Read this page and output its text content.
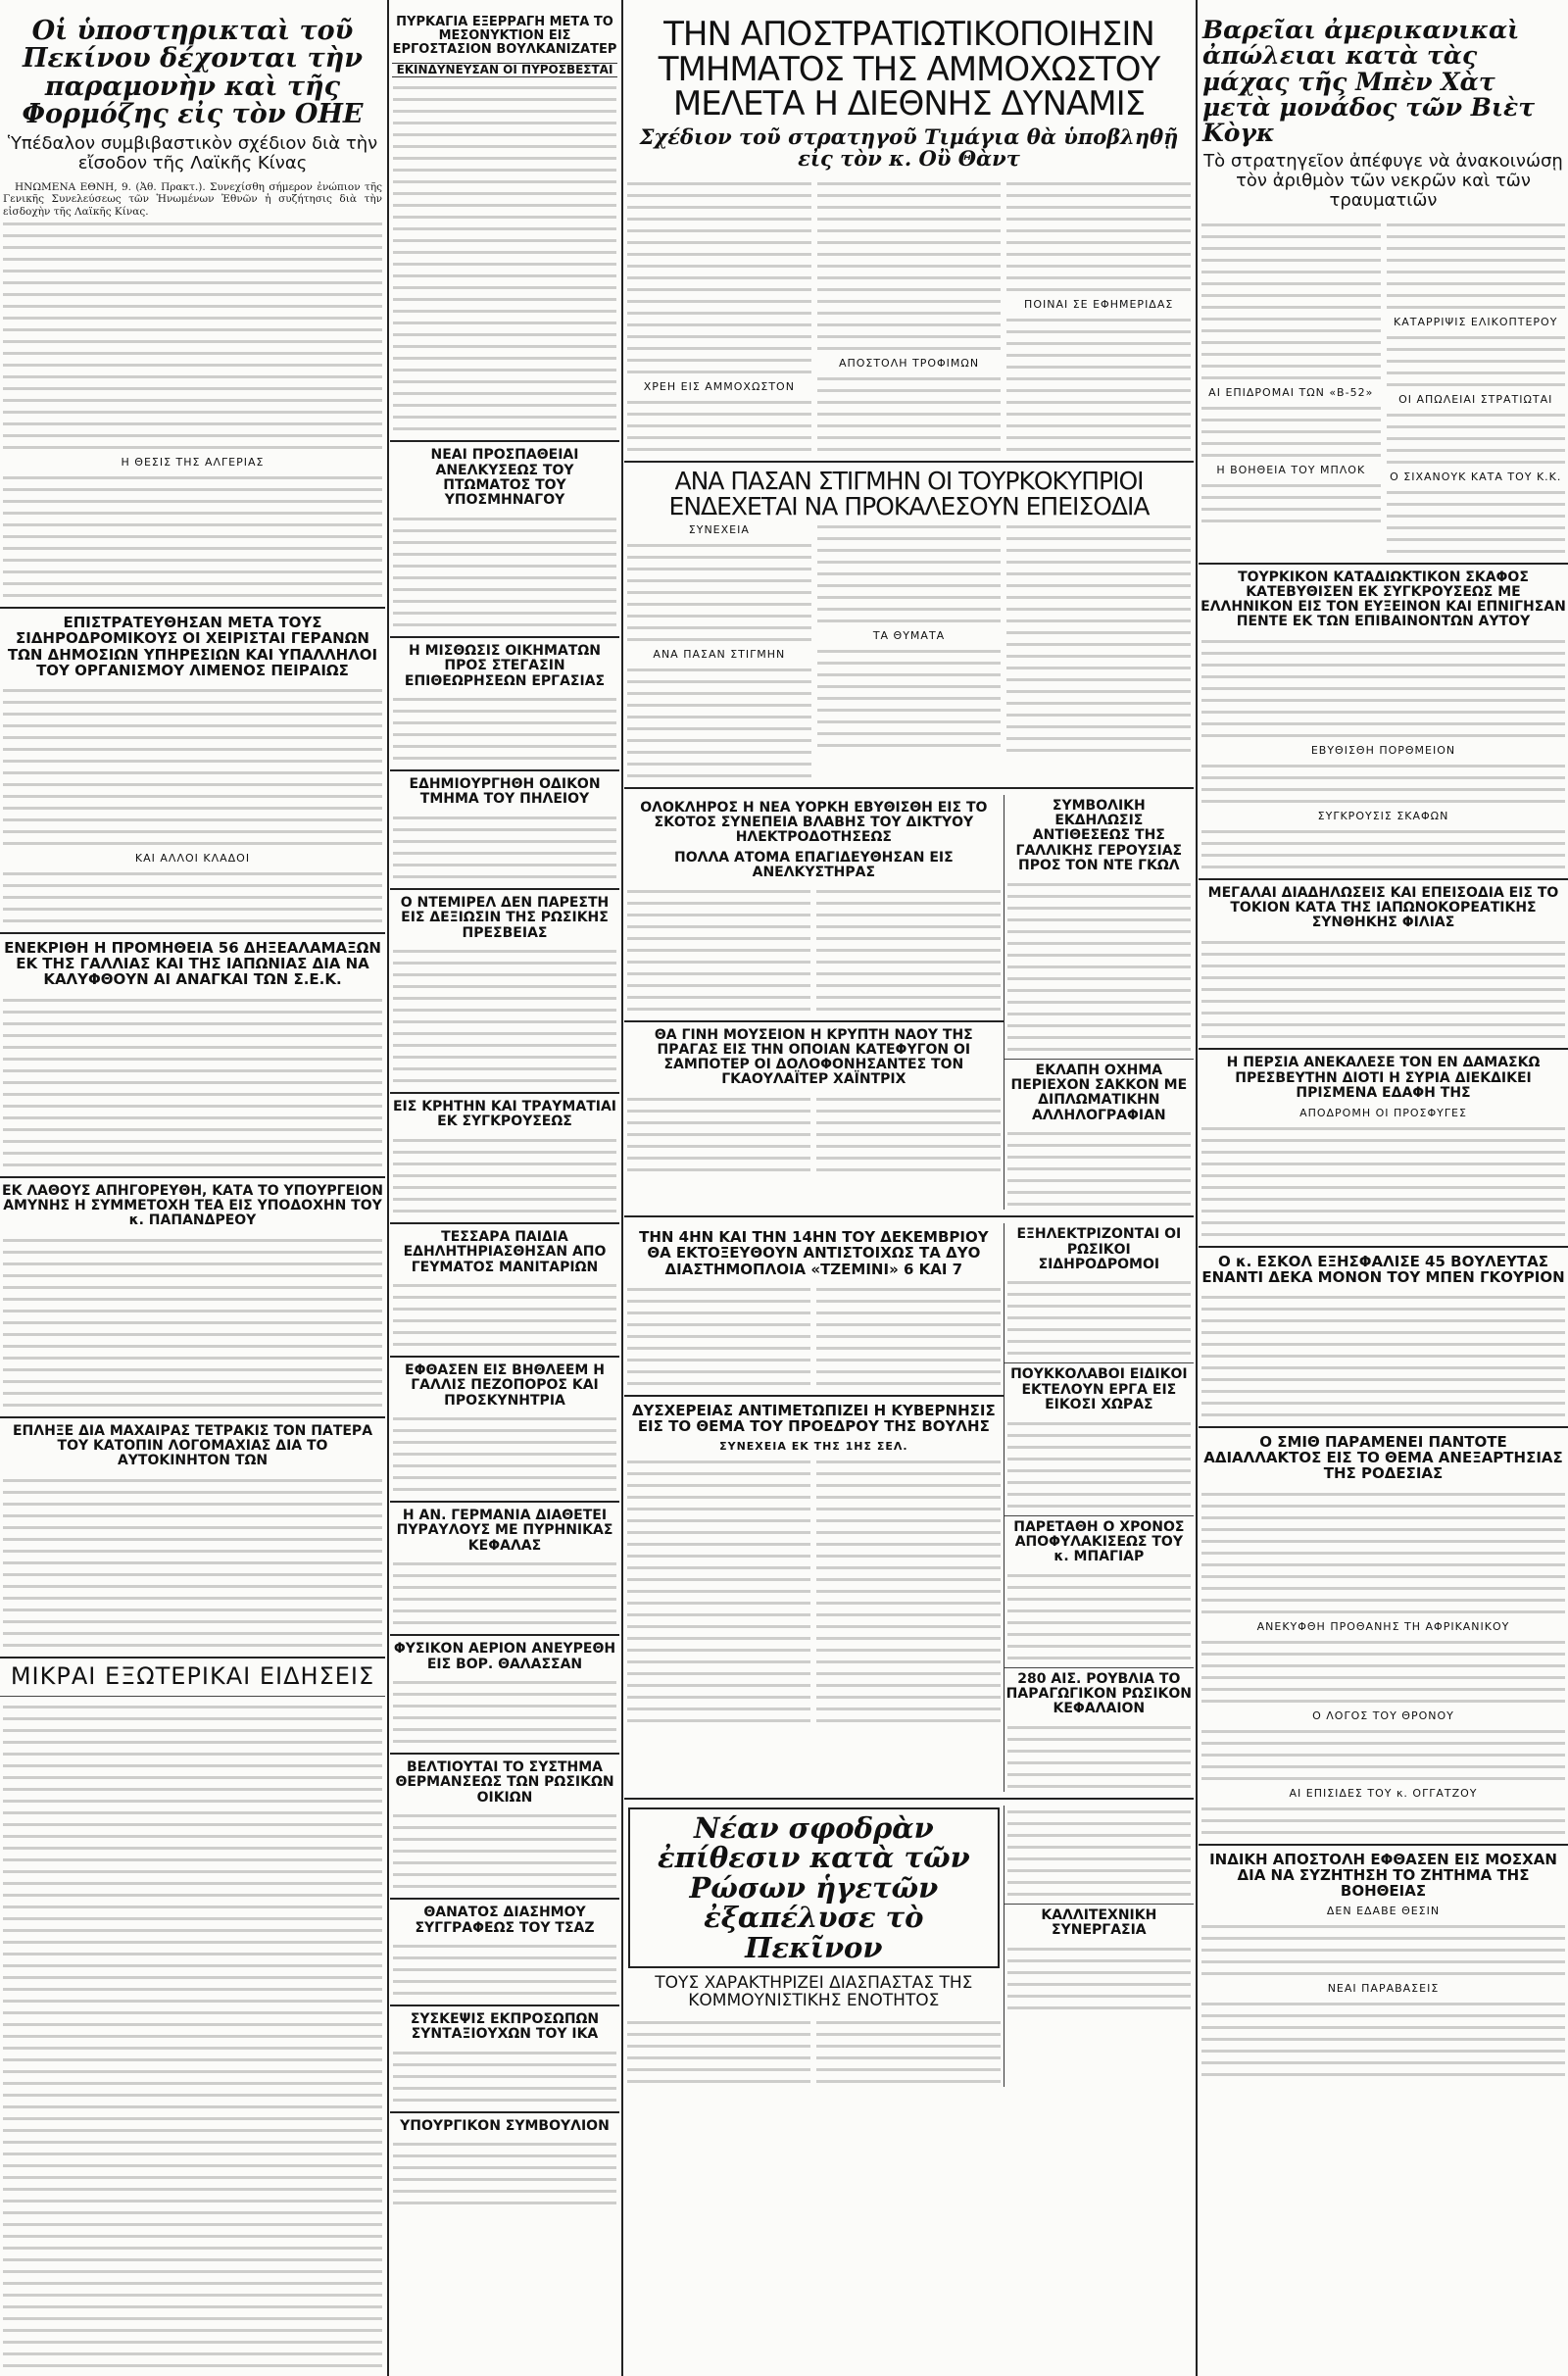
Οἱ ὑποστηρικταὶ τοῦ Πεκίνου δέχονται τὴν παραμονὴν καὶ τῆς Φορμόζης εἰς τὸν ΟΗΕ
Ὑπέδαλον συμβιβαστικὸν σχέδιον διὰ τὴν εἴσοδον τῆς Λαϊκῆς Κίνας

ΗΝΩΜΕΝΑ ΕΘΝΗ, 9. (Ἀθ. Πρακτ.). Συνεχίσθη σήμερον ἐνώπιον τῆς Γενικῆς Συνελεύσεως τῶν Ἡνωμένων Ἐθνῶν ἡ συζήτησις διὰ τὴν εἰσδοχὴν τῆς Λαϊκῆς Κίνας.

Η ΘΕΣΙΣ ΤΗΣ ΑΛΓΕΡΙΑΣ
ΕΠΙΣΤΡΑΤΕΥΘΗΣΑΝ ΜΕΤΑ ΤΟΥΣ ΣΙΔΗΡΟΔΡΟΜΙΚΟΥΣ ΟΙ ΧΕΙΡΙΣΤΑΙ ΓΕΡΑΝΩΝ ΤΩΝ ΔΗΜΟΣΙΩΝ ΥΠΗΡΕΣΙΩΝ ΚΑΙ ΥΠΑΛΛΗΛΟΙ ΤΟΥ ΟΡΓΑΝΙΣΜΟΥ ΛΙΜΕΝΟΣ ΠΕΙΡΑΙΩΣ
ΚΑΙ ΑΛΛΟΙ ΚΛΑΔΟΙ
ΕΝΕΚΡΙΘΗ Η ΠΡΟΜΗΘΕΙΑ 56 ΔΗΞΕΑΛΑΜΑΞΩΝ ΕΚ ΤΗΣ ΓΑΛΛΙΑΣ ΚΑΙ ΤΗΣ ΙΑΠΩΝΙΑΣ ΔΙΑ ΝΑ ΚΑΛΥΦΘΟΥΝ ΑΙ ΑΝΑΓΚΑΙ ΤΩΝ Σ.Ε.Κ.
ΕΚ ΛΑΘΟΥΣ ΑΠΗΓΟΡΕΥΘΗ, ΚΑΤΑ ΤΟ ΥΠΟΥΡΓΕΙΟΝ ΑΜΥΝΗΣ Η ΣΥΜΜΕΤΟΧΗ ΤΕΑ ΕΙΣ ΥΠΟΔΟΧΗΝ ΤΟΥ κ. ΠΑΠΑΝΔΡΕΟΥ
ΕΠΛΗΞΕ ΔΙΑ ΜΑΧΑΙΡΑΣ ΤΕΤΡΑΚΙΣ ΤΟΝ ΠΑΤΕΡΑ ΤΟΥ ΚΑΤΟΠΙΝ ΛΟΓΟΜΑΧΙΑΣ ΔΙΑ ΤΟ ΑΥΤΟΚΙΝΗΤΟΝ ΤΩΝ
ΜΙΚΡΑΙ ΕΞΩΤΕΡΙΚΑΙ ΕΙΔΗΣΕΙΣ
ΠΥΡΚΑΓΙΑ ΕΞΕΡΡΑΓΗ ΜΕΤΑ ΤΟ ΜΕΣΟΝΥΚΤΙΟΝ ΕΙΣ ΕΡΓΟΣΤΑΣΙΟΝ ΒΟΥΛΚΑΝΙΖΑΤΕΡ
ΕΚΙΝΔΥΝΕΥΣΑΝ ΟΙ ΠΥΡΟΣΒΕΣΤΑΙ
ΝΕΑΙ ΠΡΟΣΠΑΘΕΙΑΙ ΑΝΕΛΚΥΣΕΩΣ ΤΟΥ ΠΤΩΜΑΤΟΣ ΤΟΥ ΥΠΟΣΜΗΝΑΓΟΥ
Η ΜΙΣΘΩΣΙΣ ΟΙΚΗΜΑΤΩΝ ΠΡΟΣ ΣΤΕΓΑΣΙΝ ΕΠΙΘΕΩΡΗΣΕΩΝ ΕΡΓΑΣΙΑΣ
ΕΔΗΜΙΟΥΡΓΗΘΗ ΟΔΙΚΟΝ ΤΜΗΜΑ ΤΟΥ ΠΗΛΕΙΟΥ
Ο ΝΤΕΜΙΡΕΛ ΔΕΝ ΠΑΡΕΣΤΗ ΕΙΣ ΔΕΞΙΩΣΙΝ ΤΗΣ ΡΩΣΙΚΗΣ ΠΡΕΣΒΕΙΑΣ
ΕΙΣ ΚΡΗΤΗΝ ΚΑΙ ΤΡΑΥΜΑΤΙΑΙ ΕΚ ΣΥΓΚΡΟΥΣΕΩΣ
ΤΕΣΣΑΡΑ ΠΑΙΔΙΑ ΕΔΗΛΗΤΗΡΙΑΣΘΗΣΑΝ ΑΠΟ ΓΕΥΜΑΤΟΣ ΜΑΝΙΤΑΡΙΩΝ
ΕΦΘΑΣΕΝ ΕΙΣ ΒΗΘΛΕΕΜ Η ΓΑΛΛΙΣ ΠΕΖΟΠΟΡΟΣ ΚΑΙ ΠΡΟΣΚΥΝΗΤΡΙΑ
Η ΑΝ. ΓΕΡΜΑΝΙΑ ΔΙΑΘΕΤΕΙ ΠΥΡΑΥΛΟΥΣ ΜΕ ΠΥΡΗΝΙΚΑΣ ΚΕΦΑΛΑΣ
ΦΥΣΙΚΟΝ ΑΕΡΙΟΝ ΑΝΕΥΡΕΘΗ ΕΙΣ ΒΟΡ. ΘΑΛΑΣΣΑΝ
ΒΕΛΤΙΟΥΤΑΙ ΤΟ ΣΥΣΤΗΜΑ ΘΕΡΜΑΝΣΕΩΣ ΤΩΝ ΡΩΣΙΚΩΝ ΟΙΚΙΩΝ
ΘΑΝΑΤΟΣ ΔΙΑΣΗΜΟΥ ΣΥΓΓΡΑΦΕΩΣ ΤΟΥ ΤΣΑΖ
ΣΥΣΚΕΨΙΣ ΕΚΠΡΟΣΩΠΩΝ ΣΥΝΤΑΞΙΟΥΧΩΝ ΤΟΥ ΙΚΑ
ΥΠΟΥΡΓΙΚΟΝ ΣΥΜΒΟΥΛΙΟΝ
ΤΗΝ ΑΠΟΣΤΡΑΤΙΩΤΙΚΟΠΟΙΗΣΙΝ ΤΜΗΜΑΤΟΣ ΤΗΣ ΑΜΜΟΧΩΣΤΟΥ ΜΕΛΕΤΑ Η ΔΙΕΘΝΗΣ ΔΥΝΑΜΙΣ
Σχέδιον τοῦ στρατηγοῦ Τιμάγια θὰ ὑποβληθῇ εἰς τὸν κ. Οὒ Θὰντ
ΧΡΕΗ ΕΙΣ ΑΜΜΟΧΩΣΤΟΝ
ΑΠΟΣΤΟΛΗ ΤΡΟΦΙΜΩΝ
ΠΟΙΝΑΙ ΣΕ ΕΦΗΜΕΡΙΔΑΣ
ΑΝΑ ΠΑΣΑΝ ΣΤΙΓΜΗΝ ΟΙ ΤΟΥΡΚΟΚΥΠΡΙΟΙ ΕΝΔΕΧΕΤΑΙ ΝΑ ΠΡΟΚΑΛΕΣΟΥΝ ΕΠΕΙΣΟΔΙΑ
ΣΥΝΕΧΕΙΑ
ΑΝΑ ΠΑΣΑΝ ΣΤΙΓΜΗΝ
ΤΑ ΘΥΜΑΤΑ
ΟΛΟΚΛΗΡΟΣ Η ΝΕΑ ΥΟΡΚΗ ΕΒΥΘΙΣΘΗ ΕΙΣ ΤΟ ΣΚΟΤΟΣ ΣΥΝΕΠΕΙΑ ΒΛΑΒΗΣ ΤΟΥ ΔΙΚΤΥΟΥ ΗΛΕΚΤΡΟΔΟΤΗΣΕΩΣ
ΠΟΛΛΑ ΑΤΟΜΑ ΕΠΑΓΙΔΕΥΘΗΣΑΝ ΕΙΣ ΑΝΕΛΚΥΣΤΗΡΑΣ
ΘΑ ΓΙΝΗ ΜΟΥΣΕΙΟΝ Η ΚΡΥΠΤΗ ΝΑΟΥ ΤΗΣ ΠΡΑΓΑΣ ΕΙΣ ΤΗΝ ΟΠΟΙΑΝ ΚΑΤΕΦΥΓΟΝ ΟΙ ΣΑΜΠΟΤΕΡ ΟΙ ΔΟΛΟΦΟΝΗΣΑΝΤΕΣ ΤΟΝ ΓΚΑΟΥΛΑΪΤΕΡ ΧΑΪΝΤΡΙΧ
ΣΥΜΒΟΛΙΚΗ ΕΚΔΗΛΩΣΙΣ ΑΝΤΙΘΕΣΕΩΣ ΤΗΣ ΓΑΛΛΙΚΗΣ ΓΕΡΟΥΣΙΑΣ ΠΡΟΣ ΤΟΝ ΝΤΕ ΓΚΩΛ
ΕΚΛΑΠΗ ΟΧΗΜΑ ΠΕΡΙΕΧΟΝ ΣΑΚΚΟΝ ΜΕ ΔΙΠΛΩΜΑΤΙΚΗΝ ΑΛΛΗΛΟΓΡΑΦΙΑΝ
ΤΗΝ 4ΗΝ ΚΑΙ ΤΗΝ 14ΗΝ ΤΟΥ ΔΕΚΕΜΒΡΙΟΥ ΘΑ ΕΚΤΟΞΕΥΘΟΥΝ ΑΝΤΙΣΤΟΙΧΩΣ ΤΑ ΔΥΟ ΔΙΑΣΤΗΜΟΠΛΟΙΑ «ΤΖΕΜΙΝΙ» 6 ΚΑΙ 7
ΔΥΣΧΕΡΕΙΑΣ ΑΝΤΙΜΕΤΩΠΙΖΕΙ Η ΚΥΒΕΡΝΗΣΙΣ ΕΙΣ ΤΟ ΘΕΜΑ ΤΟΥ ΠΡΟΕΔΡΟΥ ΤΗΣ ΒΟΥΛΗΣ
ΣΥΝΕΧΕΙΑ ΕΚ ΤΗΣ 1ΗΣ ΣΕΛ.
ΕΞΗΛΕΚΤΡΙΖΟΝΤΑΙ ΟΙ ΡΩΣΙΚΟΙ ΣΙΔΗΡΟΔΡΟΜΟΙ
ΠΟΥΚΚΟΛΑΒΟΙ ΕΙΔΙΚΟΙ ΕΚΤΕΛΟΥΝ ΕΡΓΑ ΕΙΣ ΕΙΚΟΣΙ ΧΩΡΑΣ
ΠΑΡΕΤΑΘΗ Ο ΧΡΟΝΟΣ ΑΠΟΦΥΛΑΚΙΣΕΩΣ ΤΟΥ κ. ΜΠΑΓΙΑΡ
280 ΑΙΣ. ΡΟΥΒΛΙΑ ΤΟ ΠΑΡΑΓΩΓΙΚΟΝ ΡΩΣΙΚΟΝ ΚΕΦΑΛΑΙΟΝ
Νέαν σφοδρὰν ἐπίθεσιν κατὰ τῶν Ρώσων ἡγετῶν ἐξαπέλυσε τὸ Πεκῖνον
ΤΟΥΣ ΧΑΡΑΚΤΗΡΙΖΕΙ ΔΙΑΣΠΑΣΤΑΣ ΤΗΣ ΚΟΜΜΟΥΝΙΣΤΙΚΗΣ ΕΝΟΤΗΤΟΣ
ΚΑΛΛΙΤΕΧΝΙΚΗ ΣΥΝΕΡΓΑΣΙΑ
Βαρεῖαι ἀμερικανικαὶ ἀπώλειαι κατὰ τὰς μάχας τῆς Μπὲν Χὰτ μετὰ μονάδος τῶν Βιὲτ Κὸγκ
Τὸ στρατηγεῖον ἀπέφυγε νὰ ἀνακοινώσῃ τὸν ἀριθμὸν τῶν νεκρῶν καὶ τῶν τραυματιῶν
ΑΙ ΕΠΙΔΡΟΜΑΙ ΤΩΝ «Β-52»
Η ΒΟΗΘΕΙΑ ΤΟΥ ΜΠΛΟΚ
ΚΑΤΑΡΡΙΨΙΣ ΕΛΙΚΟΠΤΕΡΟΥ
ΟΙ ΑΠΩΛΕΙΑΙ ΣΤΡΑΤΙΩΤΑΙ
Ο ΣΙΧΑΝΟΥΚ ΚΑΤΑ ΤΟΥ Κ.Κ.
ΤΟΥΡΚΙΚΟΝ ΚΑΤΑΔΙΩΚΤΙΚΟΝ ΣΚΑΦΟΣ ΚΑΤΕΒΥΘΙΣΕΝ ΕΚ ΣΥΓΚΡΟΥΣΕΩΣ ΜΕ ΕΛΛΗΝΙΚΟΝ ΕΙΣ ΤΟΝ ΕΥΞΕΙΝΟΝ ΚΑΙ ΕΠΝΙΓΗΣΑΝ ΠΕΝΤΕ ΕΚ ΤΩΝ ΕΠΙΒΑΙΝΟΝΤΩΝ ΑΥΤΟΥ
ΕΒΥΘΙΣΘΗ ΠΟΡΘΜΕΙΟΝ
ΣΥΓΚΡΟΥΣΙΣ ΣΚΑΦΩΝ
ΜΕΓΑΛΑΙ ΔΙΑΔΗΛΩΣΕΙΣ ΚΑΙ ΕΠΕΙΣΟΔΙΑ ΕΙΣ ΤΟ ΤΟΚΙΟΝ ΚΑΤΑ ΤΗΣ ΙΑΠΩΝΟΚΟΡΕΑΤΙΚΗΣ ΣΥΝΘΗΚΗΣ ΦΙΛΙΑΣ
Η ΠΕΡΣΙΑ ΑΝΕΚΑΛΕΣΕ ΤΟΝ ΕΝ ΔΑΜΑΣΚΩ ΠΡΕΣΒΕΥΤΗΝ ΔΙΟΤΙ Η ΣΥΡΙΑ ΔΙΕΚΔΙΚΕΙ ΠΡΙΣΜΕΝΑ ΕΔΑΦΗ ΤΗΣ
ΑΠΟΔΡΟΜΗ ΟΙ ΠΡΟΣΦΥΓΕΣ
Ο κ. ΕΣΚΟΛ ΕΞΗΣΦΑΛΙΣΕ 45 ΒΟΥΛΕΥΤΑΣ ΕΝΑΝΤΙ ΔΕΚΑ ΜΟΝΟΝ ΤΟΥ ΜΠΕΝ ΓΚΟΥΡΙΟΝ
Ο ΣΜΙΘ ΠΑΡΑΜΕΝΕΙ ΠΑΝΤΟΤΕ ΑΔΙΑΛΛΑΚΤΟΣ ΕΙΣ ΤΟ ΘΕΜΑ ΑΝΕΞΑΡΤΗΣΙΑΣ ΤΗΣ ΡΟΔΕΣΙΑΣ
ΑΝΕΚΥΦΘΗ ΠΡΟΘΑΝΗΣ ΤΗ ΑΦΡΙΚΑΝΙΚΟΥ
Ο ΛΟΓΟΣ ΤΟΥ ΘΡΟΝΟΥ
ΑΙ ΕΠΙΣΙΔΕΣ ΤΟΥ κ. ΟΓΓΑΤΖΟΥ
ΙΝΔΙΚΗ ΑΠΟΣΤΟΛΗ ΕΦΘΑΣΕΝ ΕΙΣ ΜΟΣΧΑΝ ΔΙΑ ΝΑ ΣΥΖΗΤΗΣΗ ΤΟ ΖΗΤΗΜΑ ΤΗΣ ΒΟΗΘΕΙΑΣ
ΔΕΝ ΕΔΑΒΕ ΘΕΣΙΝ
ΝΕΑΙ ΠΑΡΑΒΑΣΕΙΣ
